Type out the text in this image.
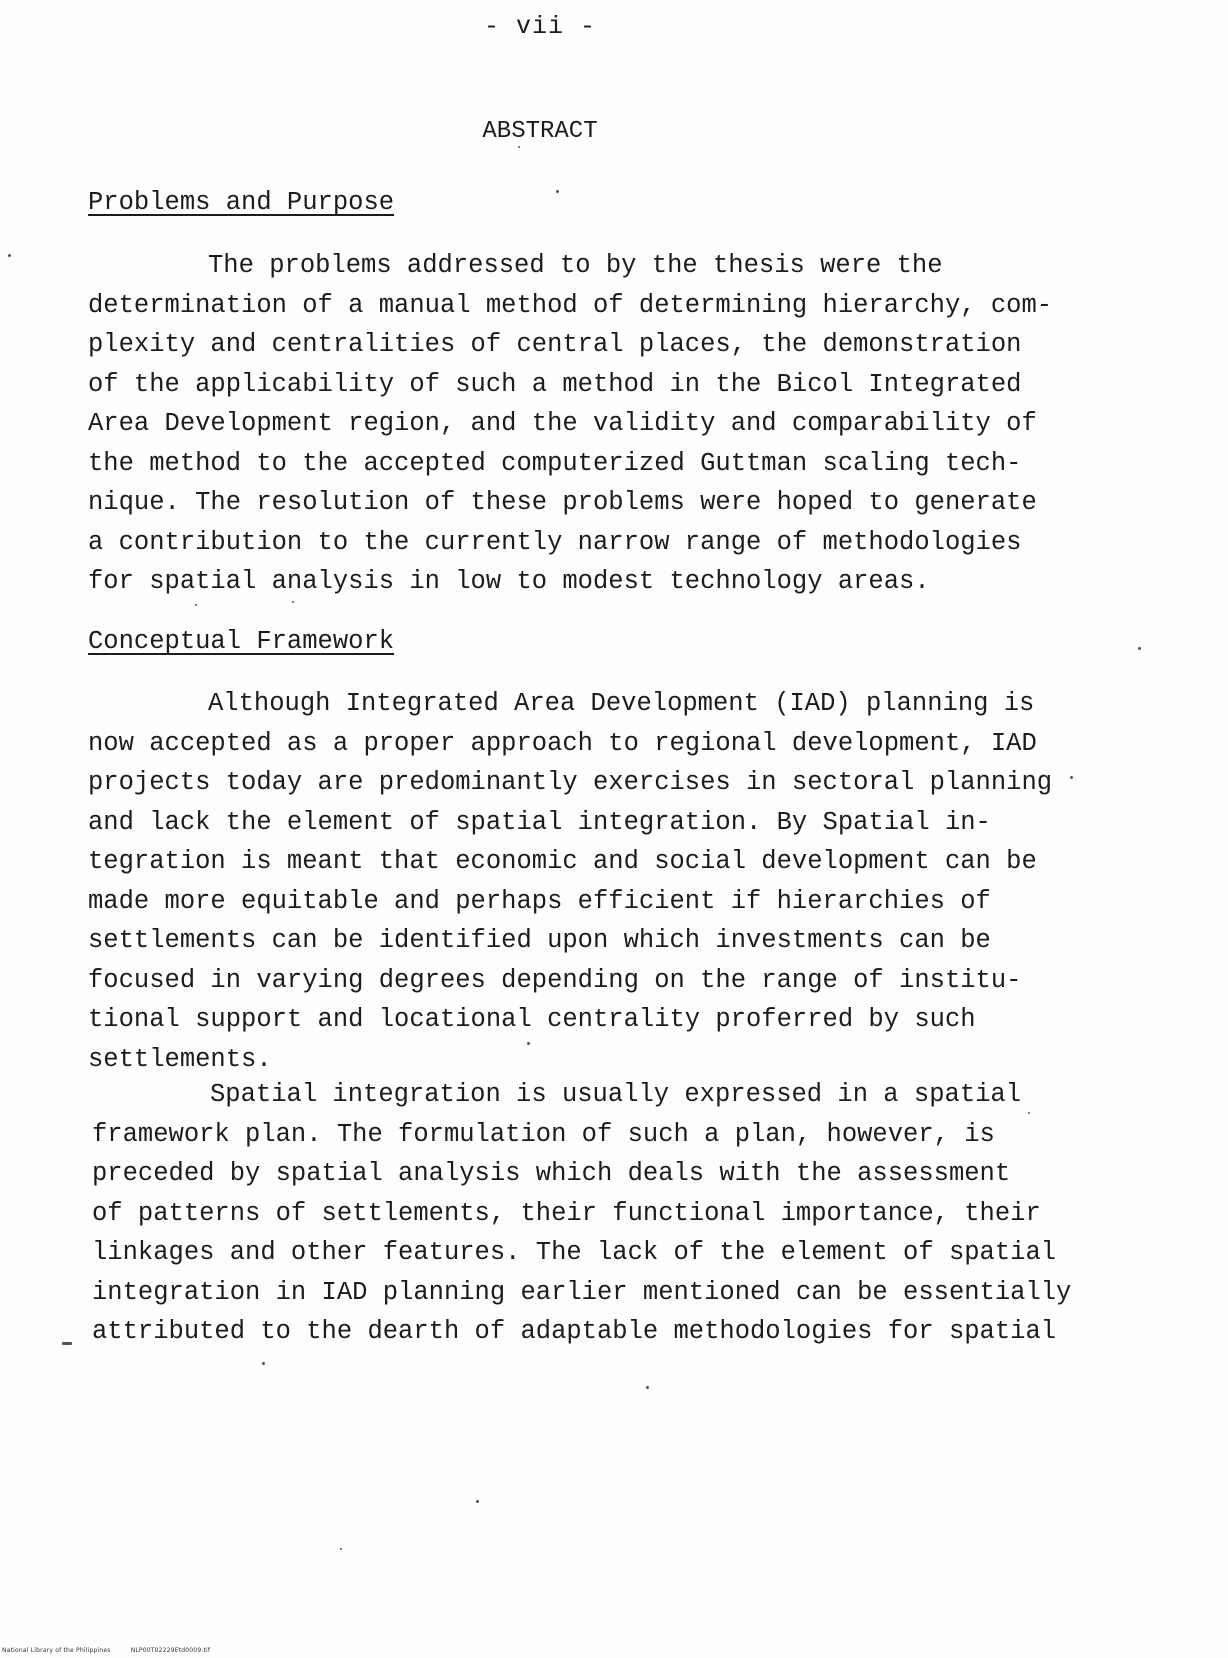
- vii -
ABSTRACT
Problems and Purpose

The problems addressed to by the thesis were the
determination of a manual method of determining hierarchy, com-
plexity and centralities of central places, the demonstration
of the applicability of such a method in the Bicol Integrated
Area Development region, and the validity and comparability of
the method to the accepted computerized Guttman scaling tech-
nique. The resolution of these problems were hoped to generate
a contribution to the currently narrow range of methodologies
for spatial analysis in low to modest technology areas.

Conceptual Framework

Although Integrated Area Development (IAD) planning is
now accepted as a proper approach to regional development, IAD
projects today are predominantly exercises in sectoral planning
and lack the element of spatial integration. By Spatial in-
tegration is meant that economic and social development can be
made more equitable and perhaps efficient if hierarchies of
settlements can be identified upon which investments can be
focused in varying degrees depending on the range of institu-
tional support and locational centrality proferred by such
settlements.

Spatial integration is usually expressed in a spatial
framework plan. The formulation of such a plan, however, is
preceded by spatial analysis which deals with the assessment
of patterns of settlements, their functional importance, their
linkages and other features. The lack of the element of spatial
integration in IAD planning earlier mentioned can be essentially
attributed to the dearth of adaptable methodologies for spatial

National Library of the Philippines	NLP00T02229Etd0009.tif
